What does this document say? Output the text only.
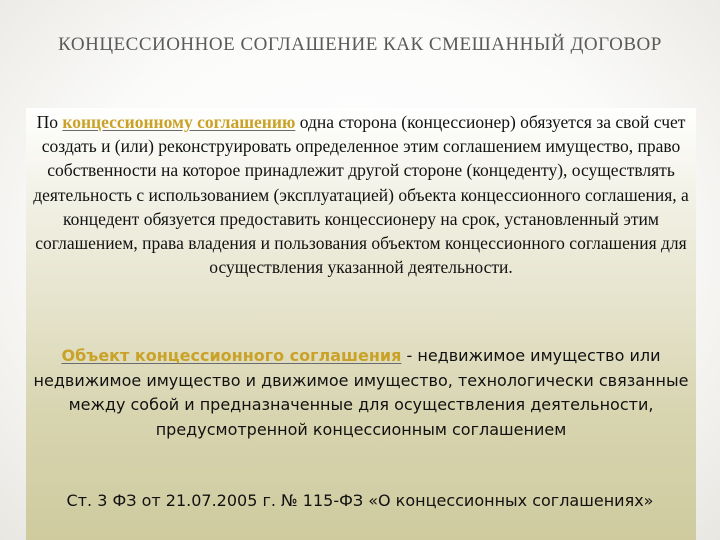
КОНЦЕССИОННОЕ СОГЛАШЕНИЕ КАК СМЕШАННЫЙ ДОГОВОР
По концессионному соглашению одна сторона (концессионер) обязуется за свой счет создать и (или) реконструировать определенное этим соглашением имущество, право собственности на которое принадлежит другой стороне (концеденту), осуществлять деятельность с использованием (эксплуатацией) объекта концессионного соглашения, а концедент обязуется предоставить концессионеру на срок, установленный этим соглашением, права владения и пользования объектом концессионного соглашения для осуществления указанной деятельности.
Объект концессионного соглашения - недвижимое имущество или недвижимое имущество и движимое имущество, технологически связанные между собой и предназначенные для осуществления деятельности, предусмотренной концессионным соглашением
Ст. 3 ФЗ от 21.07.2005 г. № 115-ФЗ «О концессионных соглашениях»
